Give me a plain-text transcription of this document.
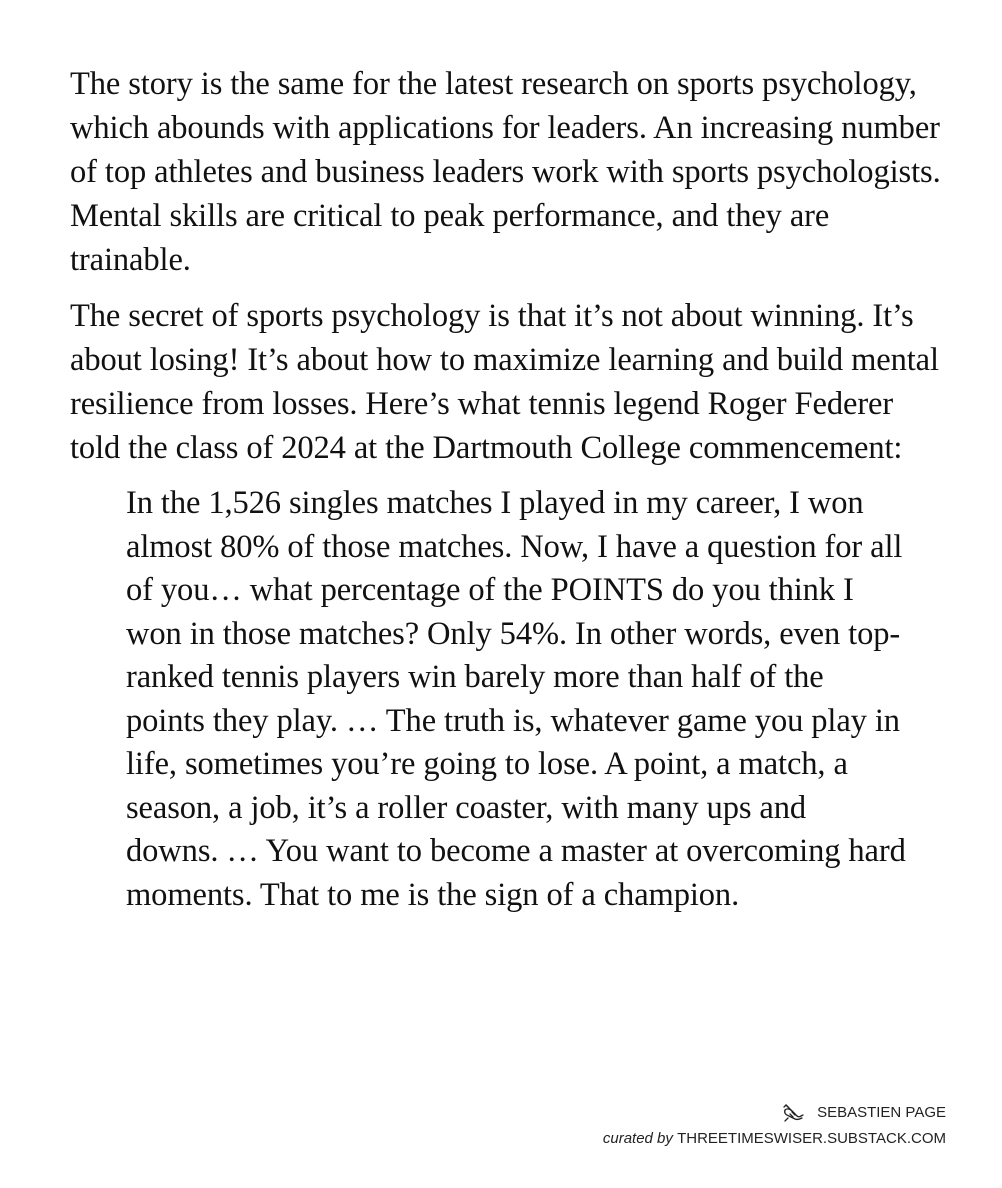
The story is the same for the latest research on sports psychology, which abounds with applications for leaders. An increasing number of top athletes and business leaders work with sports psychologists. Mental skills are critical to peak performance, and they are trainable.

The secret of sports psychology is that it’s not about winning. It’s about losing! It’s about how to maximize learning and build mental resilience from losses. Here’s what tennis legend Roger Federer told the class of 2024 at the Dartmouth College commencement:

In the 1,526 singles matches I played in my career, I won almost 80% of those matches. Now, I have a question for all of you… what percentage of the POINTS do you think I won in those matches? Only 54%. In other words, even top-ranked tennis players win barely more than half of the points they play. … The truth is, whatever game you play in life, sometimes you’re going to lose. A point, a match, a season, a job, it’s a roller coaster, with many ups and downs. … You want to become a master at overcoming hard moments. That to me is the sign of a champion.
SEBASTIEN PAGE
curated by
THREETIMESWISER.SUBSTACK.COM
